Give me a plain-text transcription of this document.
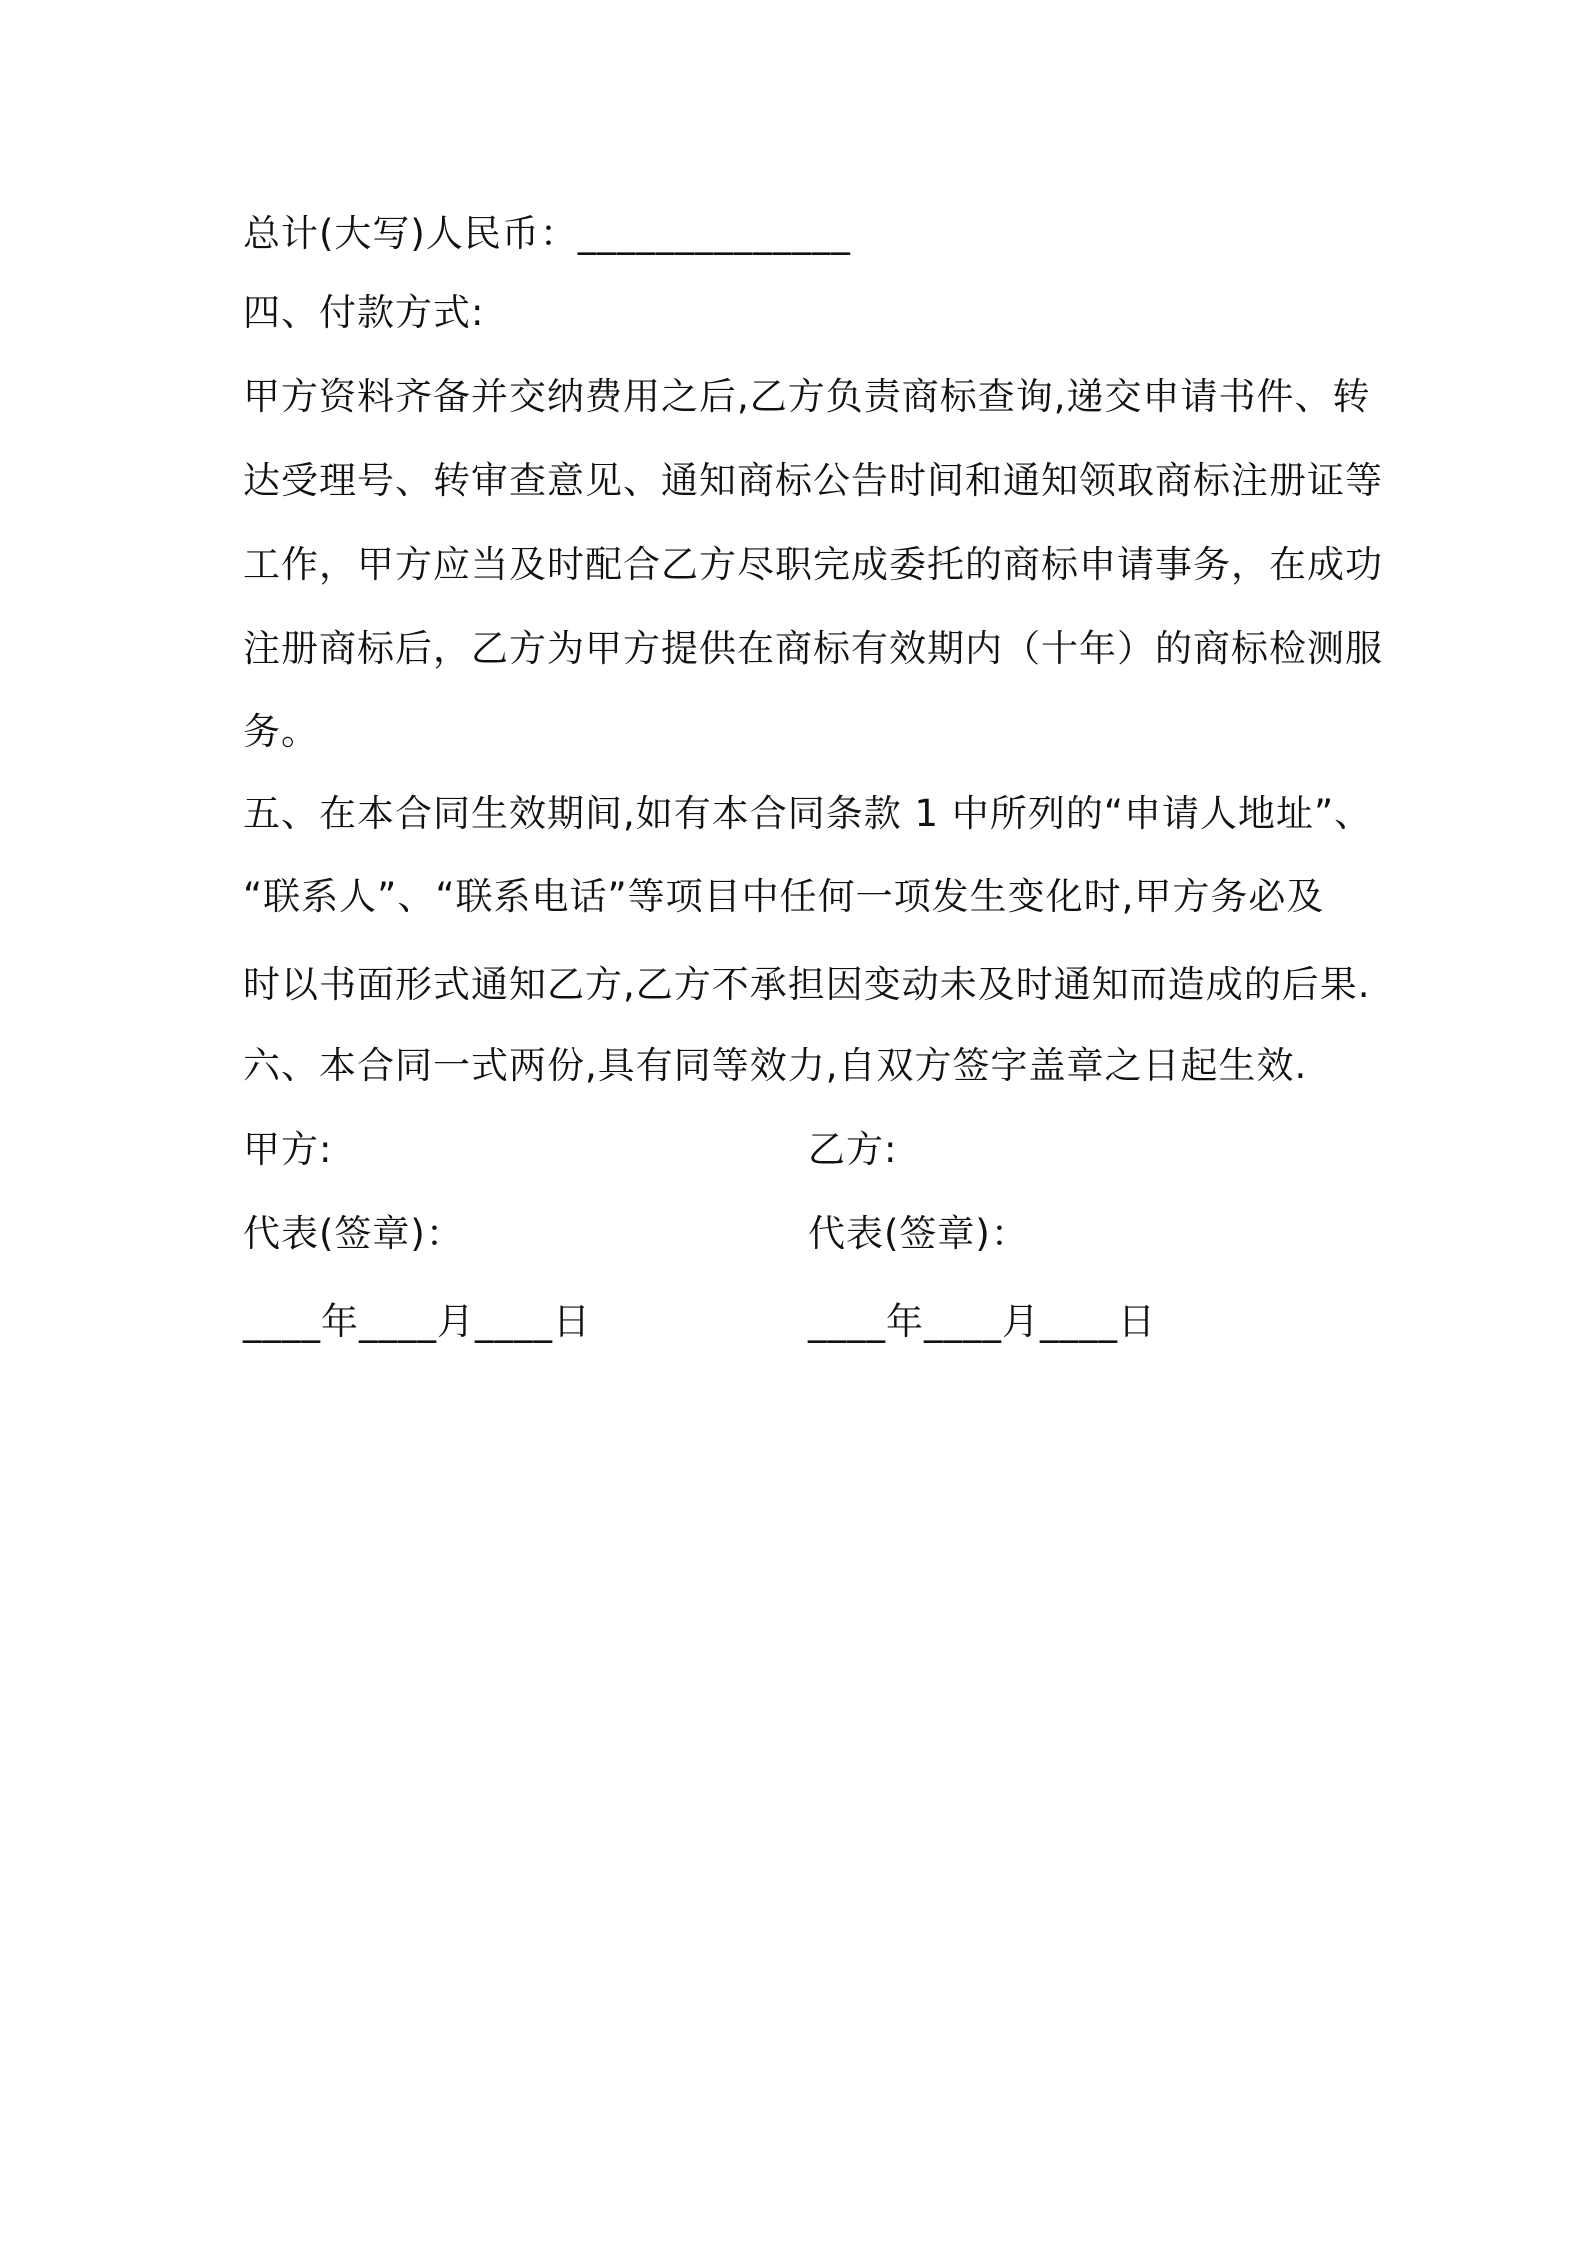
总计(大写)人民币：______________
四、付款方式:
甲方资料齐备并交纳费用之后,乙方负责商标查询,递交申请书件、转
达受理号、转审查意见、通知商标公告时间和通知领取商标注册证等
工作，甲方应当及时配合乙方尽职完成委托的商标申请事务，在成功
注册商标后，乙方为甲方提供在商标有效期内（十年）的商标检测服
务。
五、在本合同生效期间,如有本合同条款 1 中所列的“申请人地址”、
“联系人”、“联系电话”等项目中任何一项发生变化时,甲方务必及
时以书面形式通知乙方,乙方不承担因变动未及时通知而造成的后果.
六、本合同一式两份,具有同等效力,自双方签字盖章之日起生效.
甲方:	乙方:
代表(签章)：	代表(签章)：
____年____月____日	____年____月____日
